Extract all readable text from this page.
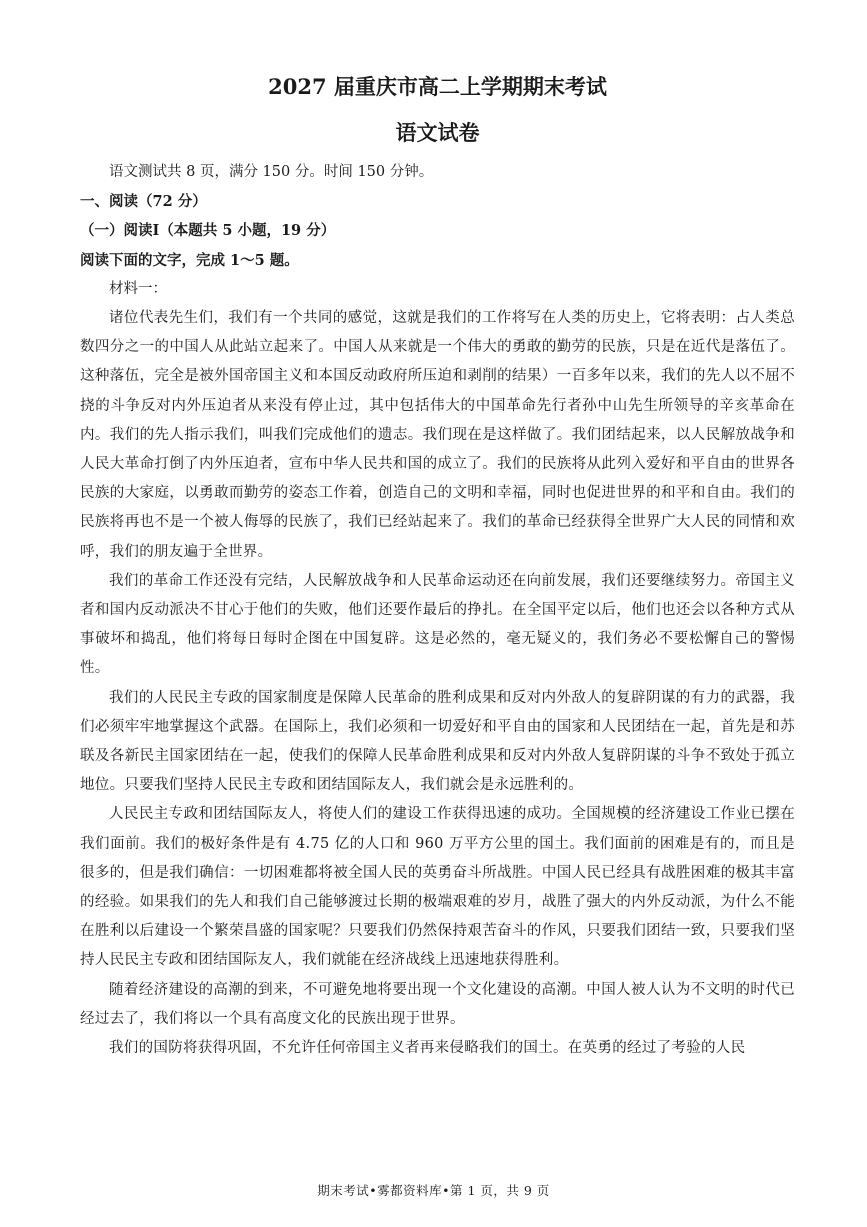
2027 届重庆市高二上学期期末考试
语文试卷

语文测试共 8 页，满分 150 分。时间 150 分钟。

一、阅读（72 分）

（一）阅读Ⅰ（本题共 5 小题，19 分）

阅读下面的文字，完成 1～5 题。

材料一：

诸位代表先生们，我们有一个共同的感觉，这就是我们的工作将写在人类的历史上，它将表明：占人类总数四分之一的中国人从此站立起来了。中国人从来就是一个伟大的勇敢的勤劳的民族，只是在近代是落伍了。这种落伍，完全是被外国帝国主义和本国反动政府所压迫和剥削的结果）一百多年以来，我们的先人以不屈不挠的斗争反对内外压迫者从来没有停止过，其中包括伟大的中国革命先行者孙中山先生所领导的辛亥革命在内。我们的先人指示我们，叫我们完成他们的遗志。我们现在是这样做了。我们团结起来，以人民解放战争和人民大革命打倒了内外压迫者，宣布中华人民共和国的成立了。我们的民族将从此列入爱好和平自由的世界各民族的大家庭，以勇敢而勤劳的姿态工作着，创造自己的文明和幸福，同时也促进世界的和平和自由。我们的民族将再也不是一个被人侮辱的民族了，我们已经站起来了。我们的革命已经获得全世界广大人民的同情和欢呼，我们的朋友遍于全世界。

我们的革命工作还没有完结，人民解放战争和人民革命运动还在向前发展，我们还要继续努力。帝国主义者和国内反动派决不甘心于他们的失败，他们还要作最后的挣扎。在全国平定以后，他们也还会以各种方式从事破坏和捣乱，他们将每日每时企图在中国复辟。这是必然的，毫无疑义的，我们务必不要松懈自己的警惕性。

我们的人民民主专政的国家制度是保障人民革命的胜利成果和反对内外敌人的复辟阴谋的有力的武器，我们必须牢牢地掌握这个武器。在国际上，我们必须和一切爱好和平自由的国家和人民团结在一起，首先是和苏联及各新民主国家团结在一起，使我们的保障人民革命胜利成果和反对内外敌人复辟阴谋的斗争不致处于孤立地位。只要我们坚持人民民主专政和团结国际友人，我们就会是永远胜利的。

人民民主专政和团结国际友人，将使人们的建设工作获得迅速的成功。全国规模的经济建设工作业已摆在我们面前。我们的极好条件是有 4.75 亿的人口和 960 万平方公里的国土。我们面前的困难是有的，而且是很多的，但是我们确信：一切困难都将被全国人民的英勇奋斗所战胜。中国人民已经具有战胜困难的极其丰富的经验。如果我们的先人和我们自己能够渡过长期的极端艰难的岁月，战胜了强大的内外反动派，为什么不能在胜利以后建设一个繁荣昌盛的国家呢？只要我们仍然保持艰苦奋斗的作风，只要我们团结一致，只要我们坚持人民民主专政和团结国际友人，我们就能在经济战线上迅速地获得胜利。

随着经济建设的高潮的到来，不可避免地将要出现一个文化建设的高潮。中国人被人认为不文明的时代已经过去了，我们将以一个具有高度文化的民族出现于世界。

我们的国防将获得巩固，不允许任何帝国主义者再来侵略我们的国土。在英勇的经过了考验的人民

期末考试•雾都资料库•第 1 页，共 9 页
